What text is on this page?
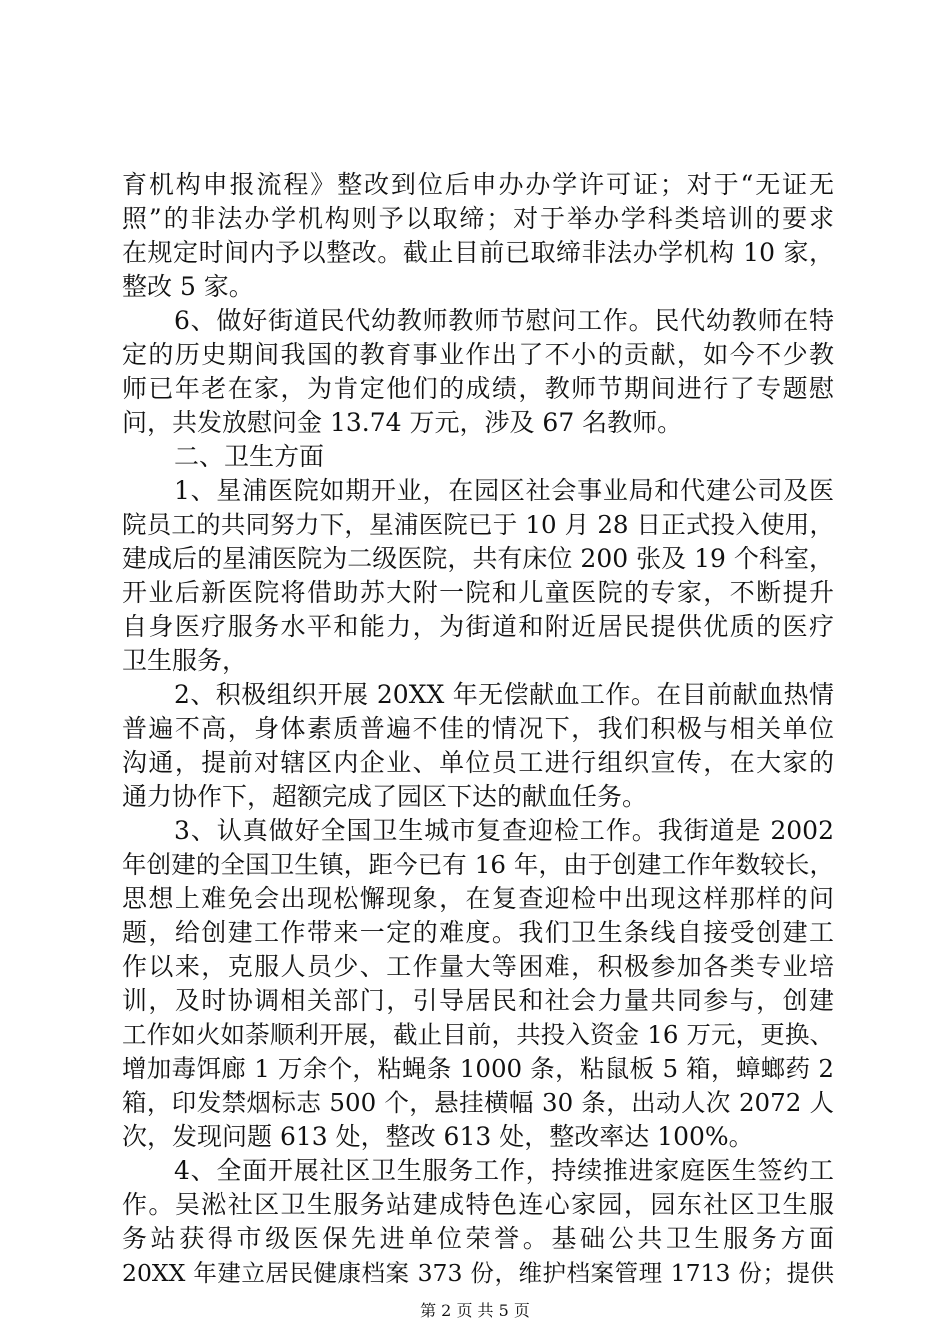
育机构申报流程》整改到位后申办办学许可证；对于“无证无
照”的非法办学机构则予以取缔；对于举办学科类培训的要求
在规定时间内予以整改。截止目前已取缔非法办学机构 10 家，
整改 5 家。
6、做好街道民代幼教师教师节慰问工作。民代幼教师在特
定的历史期间我国的教育事业作出了不小的贡献，如今不少教
师已年老在家，为肯定他们的成绩，教师节期间进行了专题慰
问，共发放慰问金 13.74 万元，涉及 67 名教师。
二、卫生方面
1、星浦医院如期开业，在园区社会事业局和代建公司及医
院员工的共同努力下，星浦医院已于 10 月 28 日正式投入使用，
建成后的星浦医院为二级医院，共有床位 200 张及 19 个科室，
开业后新医院将借助苏大附一院和儿童医院的专家，不断提升
自身医疗服务水平和能力，为街道和附近居民提供优质的医疗
卫生服务，
2、积极组织开展 20XX 年无偿献血工作。在目前献血热情
普遍不高，身体素质普遍不佳的情况下，我们积极与相关单位
沟通，提前对辖区内企业、单位员工进行组织宣传，在大家的
通力协作下，超额完成了园区下达的献血任务。
3、认真做好全国卫生城市复查迎检工作。我街道是 2002
年创建的全国卫生镇，距今已有 16 年，由于创建工作年数较长，
思想上难免会出现松懈现象，在复查迎检中出现这样那样的问
题，给创建工作带来一定的难度。我们卫生条线自接受创建工
作以来，克服人员少、工作量大等困难，积极参加各类专业培
训，及时协调相关部门，引导居民和社会力量共同参与，创建
工作如火如荼顺利开展，截止目前，共投入资金 16 万元，更换、
增加毒饵廊 1 万余个，粘蝇条 1000 条，粘鼠板 5 箱，蟑螂药 2
箱，印发禁烟标志 500 个，悬挂横幅 30 条，出动人次 2072 人
次，发现问题 613 处，整改 613 处，整改率达 100%。
4、全面开展社区卫生服务工作，持续推进家庭医生签约工
作。吴淞社区卫生服务站建成特色连心家园，园东社区卫生服
务站获得市级医保先进单位荣誉。基础公共卫生服务方面
20XX 年建立居民健康档案 373 份，维护档案管理 1713 份；提供
第 2 页 共 5 页
